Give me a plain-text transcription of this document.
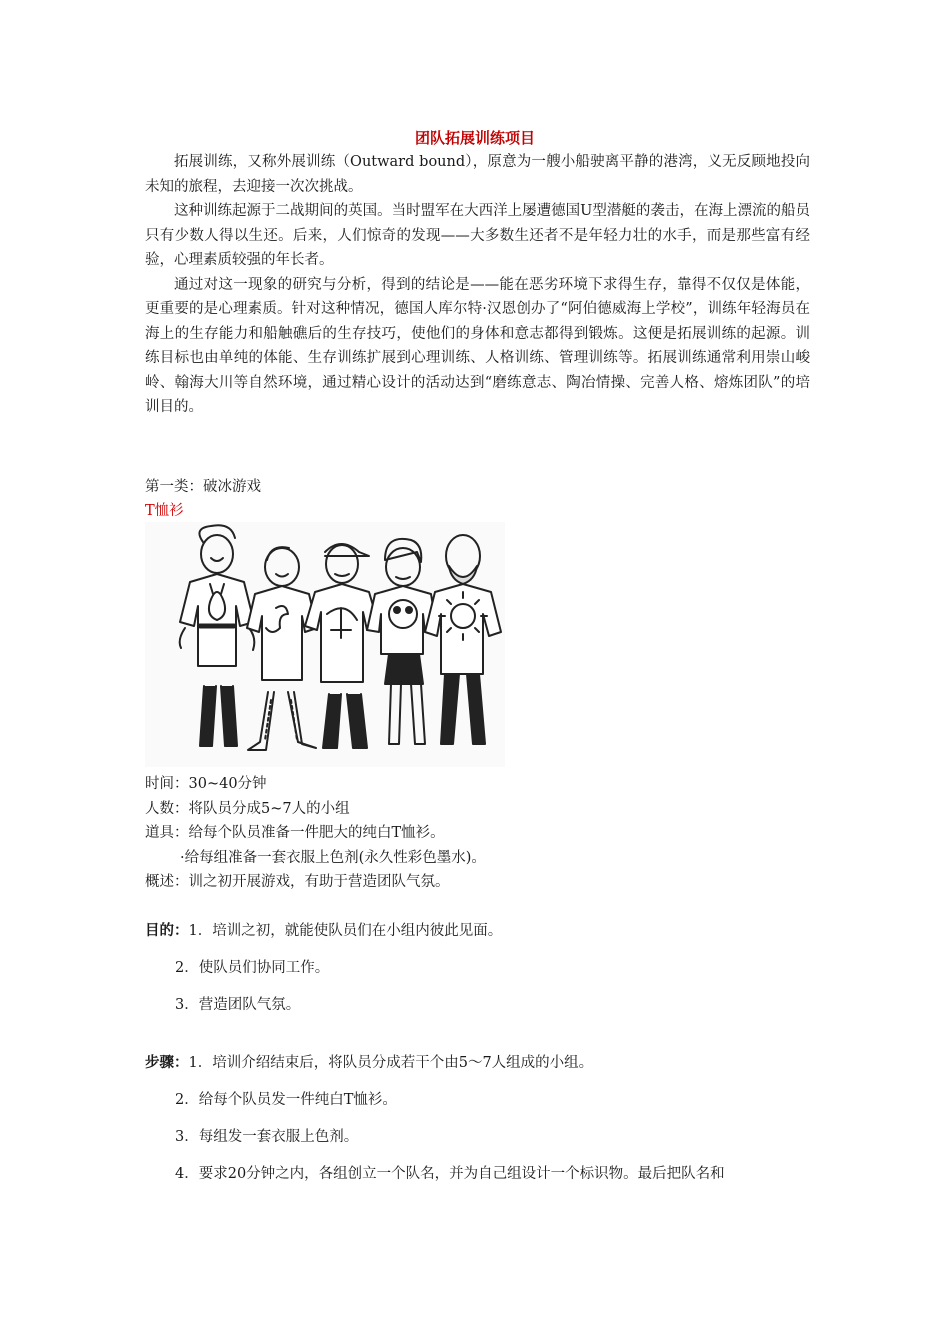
团队拓展训练项目

拓展训练，又称外展训练（Outward bound），原意为一艘小船驶离平静的港湾，义无反顾地投向未知的旅程，去迎接一次次挑战。

这种训练起源于二战期间的英国。当时盟军在大西洋上屡遭德国U型潜艇的袭击，在海上漂流的船员只有少数人得以生还。后来，人们惊奇的发现——大多数生还者不是年轻力壮的水手，而是那些富有经验，心理素质较强的年长者。

通过对这一现象的研究与分析，得到的结论是——能在恶劣环境下求得生存，靠得不仅仅是体能，更重要的是心理素质。针对这种情况，德国人库尔特·汉恩创办了“阿伯德威海上学校”，训练年轻海员在海上的生存能力和船触礁后的生存技巧，使他们的身体和意志都得到锻炼。这便是拓展训练的起源。训练目标也由单纯的体能、生存训练扩展到心理训练、人格训练、管理训练等。拓展训练通常利用崇山峻岭、翰海大川等自然环境，通过精心设计的活动达到“磨练意志、陶冶情操、完善人格、熔炼团队”的培训目的。

第一类：破冰游戏
T恤衫
时间：30~40分钟
人数：将队员分成5~7人的小组
道具：给每个队员准备一件肥大的纯白T恤衫。
·给每组准备一套衣服上色剂(永久性彩色墨水)。
概述：训之初开展游戏，有助于营造团队气氛。
目的：1．培训之初，就能使队员们在小组内彼此见面。
2．使队员们协同工作。
3．营造团队气氛。
步骤：1．培训介绍结束后，将队员分成若干个由5～7人组成的小组。
2．给每个队员发一件纯白T恤衫。
3．每组发一套衣服上色剂。
4．要求20分钟之内，各组创立一个队名，并为自己组设计一个标识物。最后把队名和
